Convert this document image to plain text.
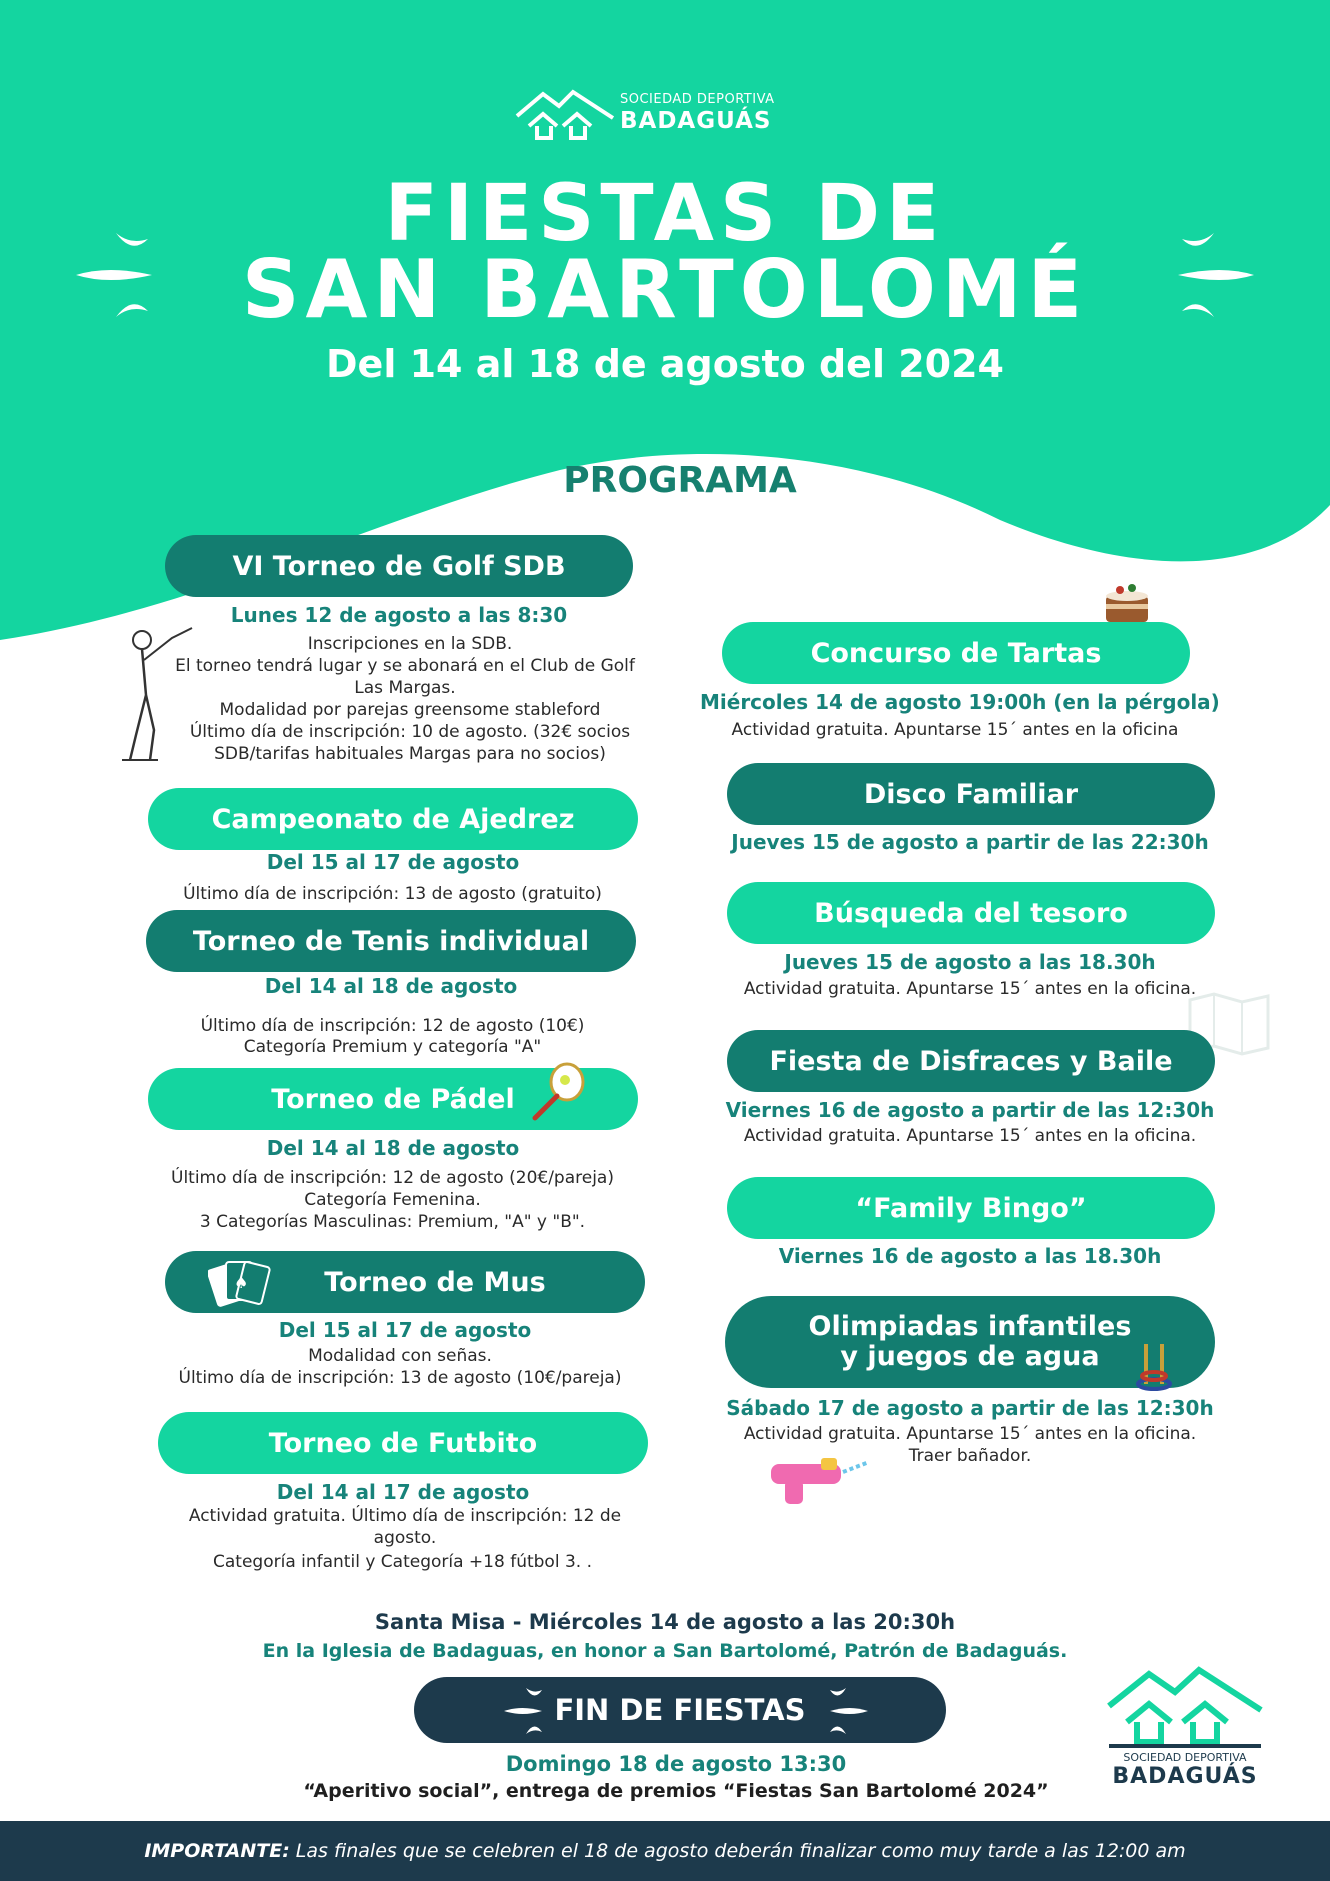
SOCIEDAD DEPORTIVA
BADAGUÁS
FIESTAS DE
SAN BARTOLOMÉ
Del 14 al 18 de agosto del 2024
PROGRAMA
VI Torneo de Golf SDB
Lunes 12 de agosto a las 8:30
Inscripciones en la SDB.
El torneo tendrá lugar y se abonará en el Club de Golf Las Margas.
Modalidad por parejas greensome stableford
Último día de inscripción: 10 de agosto. (32€ socios SDB/tarifas habituales Margas para no socios)
Campeonato de Ajedrez
Del 15 al 17 de agosto
Último día de inscripción: 13 de agosto (gratuito)
Torneo de Tenis individual
Del 14 al 18 de agosto
Último día de inscripción: 12 de agosto (10€)
Categoría Premium y categoría "A"
Torneo de Pádel
Del 14 al 18 de agosto
Último día de inscripción: 12 de agosto (20€/pareja)
Categoría Femenina.
3 Categorías Masculinas: Premium, "A" y "B".
Torneo de Mus
♠
Del 15 al 17 de agosto
Modalidad con señas.
Último día de inscripción: 13 de agosto (10€/pareja)
Torneo de Futbito
Del 14 al 17 de agosto
Actividad gratuita. Último día de inscripción: 12 de agosto.
Categoría infantil y Categoría +18 fútbol 3. .
Concurso de Tartas
Miércoles 14 de agosto 19:00h (en la pérgola)
Actividad gratuita. Apuntarse 15´ antes en la oficina
Disco Familiar
Jueves 15 de agosto a partir de las 22:30h
Búsqueda del tesoro
Jueves 15 de agosto a las 18.30h
Actividad gratuita. Apuntarse 15´ antes en la oficina.
Fiesta de Disfraces y Baile
Viernes 16 de agosto a partir de las 12:30h
Actividad gratuita. Apuntarse 15´ antes en la oficina.
“Family Bingo”
Viernes 16 de agosto a las 18.30h
Olimpiadas infantiles
y juegos de agua
Sábado 17 de agosto a partir de las 12:30h
Actividad gratuita. Apuntarse 15´ antes en la oficina.
Traer bañador.
Santa Misa - Miércoles 14 de agosto a las 20:30h
En la Iglesia de Badaguas, en honor a San Bartolomé, Patrón de Badaguás.
FIN DE FIESTAS
Domingo 18 de agosto 13:30
“Aperitivo social”, entrega de premios “Fiestas San Bartolomé 2024”
SOCIEDAD DEPORTIVA
BADAGUÁS
IMPORTANTE: Las finales que se celebren el 18 de agosto deberán finalizar como muy tarde a las 12:00 am
